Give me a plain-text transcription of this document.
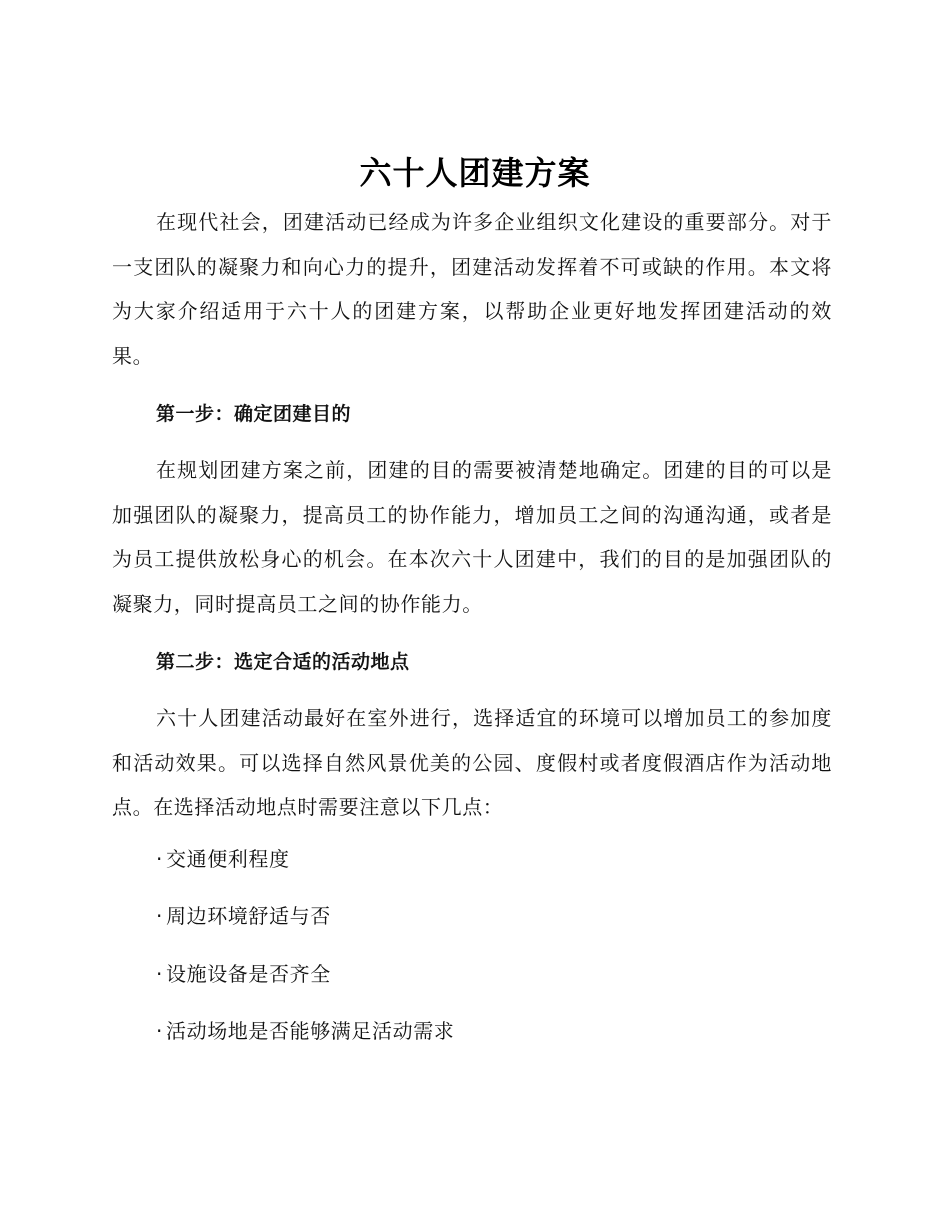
六十人团建方案

在现代社会，团建活动已经成为许多企业组织文化建设的重要部分。对于一支团队的凝聚力和向心力的提升，团建活动发挥着不可或缺的作用。本文将为大家介绍适用于六十人的团建方案，以帮助企业更好地发挥团建活动的效果。

第一步：确定团建目的

在规划团建方案之前，团建的目的需要被清楚地确定。团建的目的可以是加强团队的凝聚力，提高员工的协作能力，增加员工之间的沟通沟通，或者是为员工提供放松身心的机会。在本次六十人团建中，我们的目的是加强团队的凝聚力，同时提高员工之间的协作能力。

第二步：选定合适的活动地点

六十人团建活动最好在室外进行，选择适宜的环境可以增加员工的参加度和活动效果。可以选择自然风景优美的公园、度假村或者度假酒店作为活动地点。在选择活动地点时需要注意以下几点：

· 交通便利程度
· 周边环境舒适与否
· 设施设备是否齐全
· 活动场地是否能够满足活动需求
